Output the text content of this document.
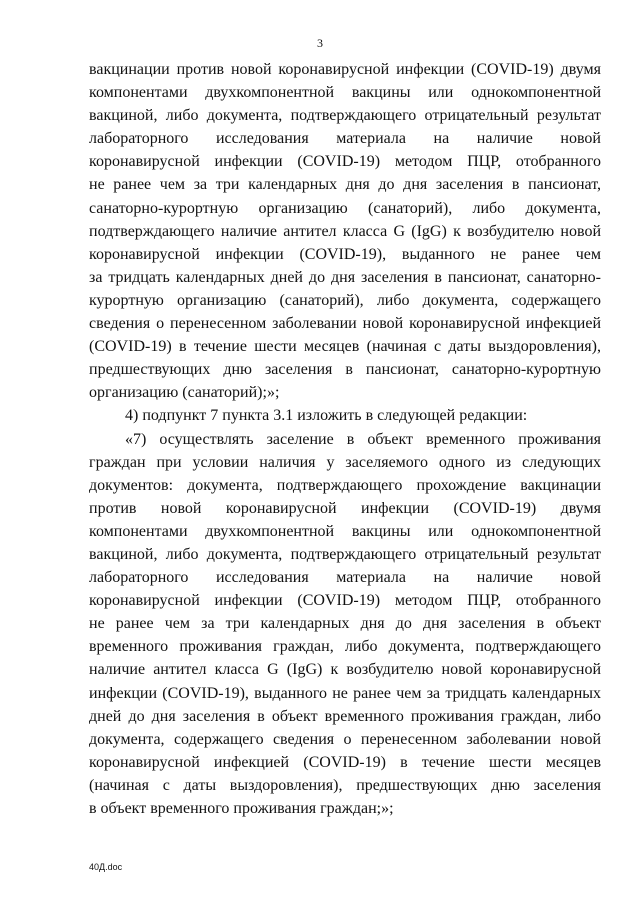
3
вакцинации против новой коронавирусной инфекции (COVID-19) двумя
компонентами двухкомпонентной вакцины или однокомпонентной
вакциной, либо документа, подтверждающего отрицательный результат
лабораторного исследования материала на наличие новой
коронавирусной инфекции (COVID-19) методом ПЦР, отобранного
не ранее чем за три календарных дня до дня заселения в пансионат,
санаторно-курортную организацию (санаторий), либо документа,
подтверждающего наличие антител класса G (IgG) к возбудителю новой
коронавирусной инфекции (COVID-19), выданного не ранее чем
за тридцать календарных дней до дня заселения в пансионат, санаторно-
курортную организацию (санаторий), либо документа, содержащего
сведения о перенесенном заболевании новой коронавирусной инфекцией
(COVID-19) в течение шести месяцев (начиная с даты выздоровления),
предшествующих дню заселения в пансионат, санаторно-курортную
организацию (санаторий);»;
4) подпункт 7 пункта 3.1 изложить в следующей редакции:
«7) осуществлять заселение в объект временного проживания
граждан при условии наличия у заселяемого одного из следующих
документов: документа, подтверждающего прохождение вакцинации
против новой коронавирусной инфекции (COVID-19) двумя
компонентами двухкомпонентной вакцины или однокомпонентной
вакциной, либо документа, подтверждающего отрицательный результат
лабораторного исследования материала на наличие новой
коронавирусной инфекции (COVID-19) методом ПЦР, отобранного
не ранее чем за три календарных дня до дня заселения в объект
временного проживания граждан, либо документа, подтверждающего
наличие антител класса G (IgG) к возбудителю новой коронавирусной
инфекции (COVID-19), выданного не ранее чем за тридцать календарных
дней до дня заселения в объект временного проживания граждан, либо
документа, содержащего сведения о перенесенном заболевании новой
коронавирусной инфекцией (COVID-19) в течение шести месяцев
(начиная с даты выздоровления), предшествующих дню заселения
в объект временного проживания граждан;»;
40Д.doc
